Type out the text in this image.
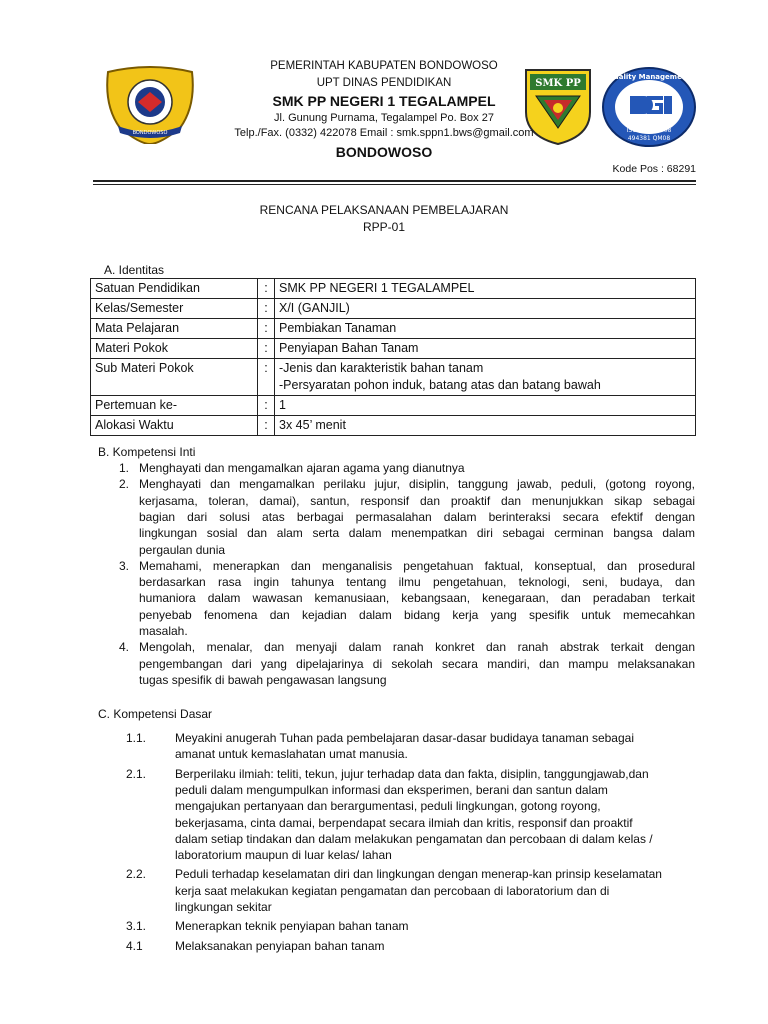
BONDOWOSO
SMK PP
Quality Management
ISO 9001:2008
494381 QM08
PEMERINTAH KABUPATEN BONDOWOSO
UPT DINAS PENDIDIKAN
SMK PP NEGERI 1 TEGALAMPEL
Jl. Gunung Purnama, Tegalampel Po. Box 27
Telp./Fax. (0332) 422078 Email : smk.sppn1.bws@gmail.com
BONDOWOSO
Kode Pos : 68291
RENCANA PELAKSANAAN PEMBELAJARAN
RPP-01
A. Identitas
Satuan Pendidikan	:	SMK PP NEGERI 1 TEGALAMPEL

Kelas/Semester	:	X/I (GANJIL)

Mata Pelajaran	:	Pembiakan Tanaman

Materi Pokok	:	Penyiapan Bahan Tanam

Sub Materi Pokok	:	-Jenis dan karakteristik bahan tanam
-Persyaratan pohon induk, batang atas dan batang bawah

Pertemuan ke-	:	1

Alokasi Waktu	:	3x 45’ menit
B. Kompetensi Inti
1. Menghayati dan mengamalkan ajaran agama yang dianutnya
2. Menghayati dan mengamalkan perilaku jujur, disiplin, tanggung jawab, peduli, (gotong royong,
kerjasama, toleran, damai), santun, responsif dan proaktif dan menunjukkan sikap sebagai
bagian dari solusi atas berbagai permasalahan dalam berinteraksi secara efektif dengan
lingkungan sosial dan alam serta dalam menempatkan diri sebagai cerminan bangsa dalam
pergaulan dunia
3. Memahami, menerapkan dan menganalisis pengetahuan faktual, konseptual, dan prosedural
berdasarkan rasa ingin tahunya tentang ilmu pengetahuan, teknologi, seni, budaya, dan
humaniora dalam wawasan kemanusiaan, kebangsaan, kenegaraan, dan peradaban terkait
penyebab fenomena dan kejadian dalam bidang kerja yang spesifik untuk memecahkan
masalah.
4. Mengolah, menalar, dan menyaji dalam ranah konkret dan ranah abstrak terkait dengan
pengembangan dari yang dipelajarinya di sekolah secara mandiri, dan mampu melaksanakan
tugas spesifik di bawah pengawasan langsung
C. Kompetensi Dasar
1.1. Meyakini anugerah Tuhan pada pembelajaran dasar-dasar budidaya tanaman sebagai
amanat untuk kemaslahatan umat manusia.
2.1. Berperilaku ilmiah: teliti, tekun, jujur terhadap data dan fakta, disiplin, tanggungjawab,dan
peduli dalam mengumpulkan informasi dan eksperimen, berani dan santun dalam
mengajukan pertanyaan dan berargumentasi, peduli lingkungan, gotong royong,
bekerjasama, cinta damai, berpendapat secara ilmiah dan kritis, responsif dan proaktif
dalam setiap tindakan dan dalam melakukan pengamatan dan percobaan di dalam kelas /
laboratorium maupun di luar kelas/ lahan
2.2. Peduli terhadap keselamatan diri dan lingkungan dengan menerap-kan prinsip keselamatan
kerja saat melakukan kegiatan pengamatan dan percobaan di laboratorium dan di
lingkungan sekitar
3.1. Menerapkan teknik penyiapan bahan tanam
4.1	Melaksanakan penyiapan bahan tanam
